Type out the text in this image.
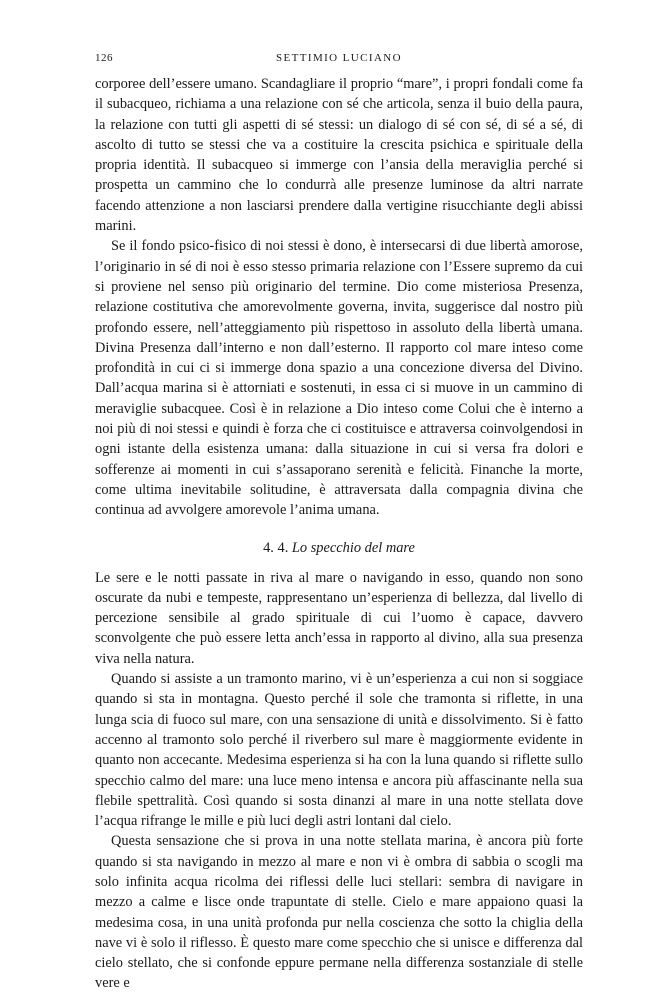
126	SETTIMIO LUCIANO

corporee dell’essere umano. Scandagliare il proprio “mare”, i propri fondali come fa il subacqueo, richiama a una relazione con sé che articola, senza il buio della paura, la relazione con tutti gli aspetti di sé stessi: un dialogo di sé con sé, di sé a sé, di ascolto di tutto se stessi che va a costituire la crescita psichica e spirituale della propria identità. Il subacqueo si immerge con l’ansia della meraviglia perché si prospetta un cammino che lo condurrà alle presenze luminose da altri narrate facendo attenzione a non lasciarsi prendere dalla vertigine risucchiante degli abissi marini.

Se il fondo psico-fisico di noi stessi è dono, è intersecarsi di due libertà amorose, l’originario in sé di noi è esso stesso primaria relazione con l’Essere supremo da cui si proviene nel senso più originario del termine. Dio come misteriosa Presenza, relazione costitutiva che amorevolmente governa, invita, suggerisce dal nostro più profondo essere, nell’atteggiamento più rispettoso in assoluto della libertà umana. Divina Presenza dall’interno e non dall’esterno. Il rapporto col mare inteso come profondità in cui ci si immerge dona spazio a una concezione diversa del Divino. Dall’acqua marina si è attorniati e sostenuti, in essa ci si muove in un cammino di meraviglie subacquee. Così è in relazione a Dio inteso come Colui che è interno a noi più di noi stessi e quindi è forza che ci costituisce e attraversa coinvolgendosi in ogni istante della esistenza umana: dalla situazione in cui si versa fra dolori e sofferenze ai momenti in cui s’assaporano serenità e felicità. Finanche la morte, come ultima inevitabile solitudine, è attraversata dalla compagnia divina che continua ad avvolgere amorevole l’anima umana.

4. 4. Lo specchio del mare

Le sere e le notti passate in riva al mare o navigando in esso, quando non sono oscurate da nubi e tempeste, rappresentano un’esperienza di bellezza, dal livello di percezione sensibile al grado spirituale di cui l’uomo è capace, davvero sconvolgente che può essere letta anch’essa in rapporto al divino, alla sua presenza viva nella natura.

Quando si assiste a un tramonto marino, vi è un’esperienza a cui non si soggiace quando si sta in montagna. Questo perché il sole che tramonta si riflette, in una lunga scia di fuoco sul mare, con una sensazione di unità e dissolvimento. Si è fatto accenno al tramonto solo perché il riverbero sul mare è maggiormente evidente in quanto non accecante. Medesima esperienza si ha con la luna quando si riflette sullo specchio calmo del mare: una luce meno intensa e ancora più affascinante nella sua flebile spettralità. Così quando si sosta dinanzi al mare in una notte stellata dove l’acqua rifrange le mille e più luci degli astri lontani dal cielo.

Questa sensazione che si prova in una notte stellata marina, è ancora più forte quando si sta navigando in mezzo al mare e non vi è ombra di sabbia o scogli ma solo infinita acqua ricolma dei riflessi delle luci stellari: sembra di navigare in mezzo a calme e lisce onde trapuntate di stelle. Cielo e mare appaiono quasi la medesima cosa, in una unità profonda pur nella coscienza che sotto la chiglia della nave vi è solo il riflesso. È questo mare come specchio che si unisce e differenza dal cielo stellato, che si confonde eppure permane nella differenza sostanziale di stelle vere e
